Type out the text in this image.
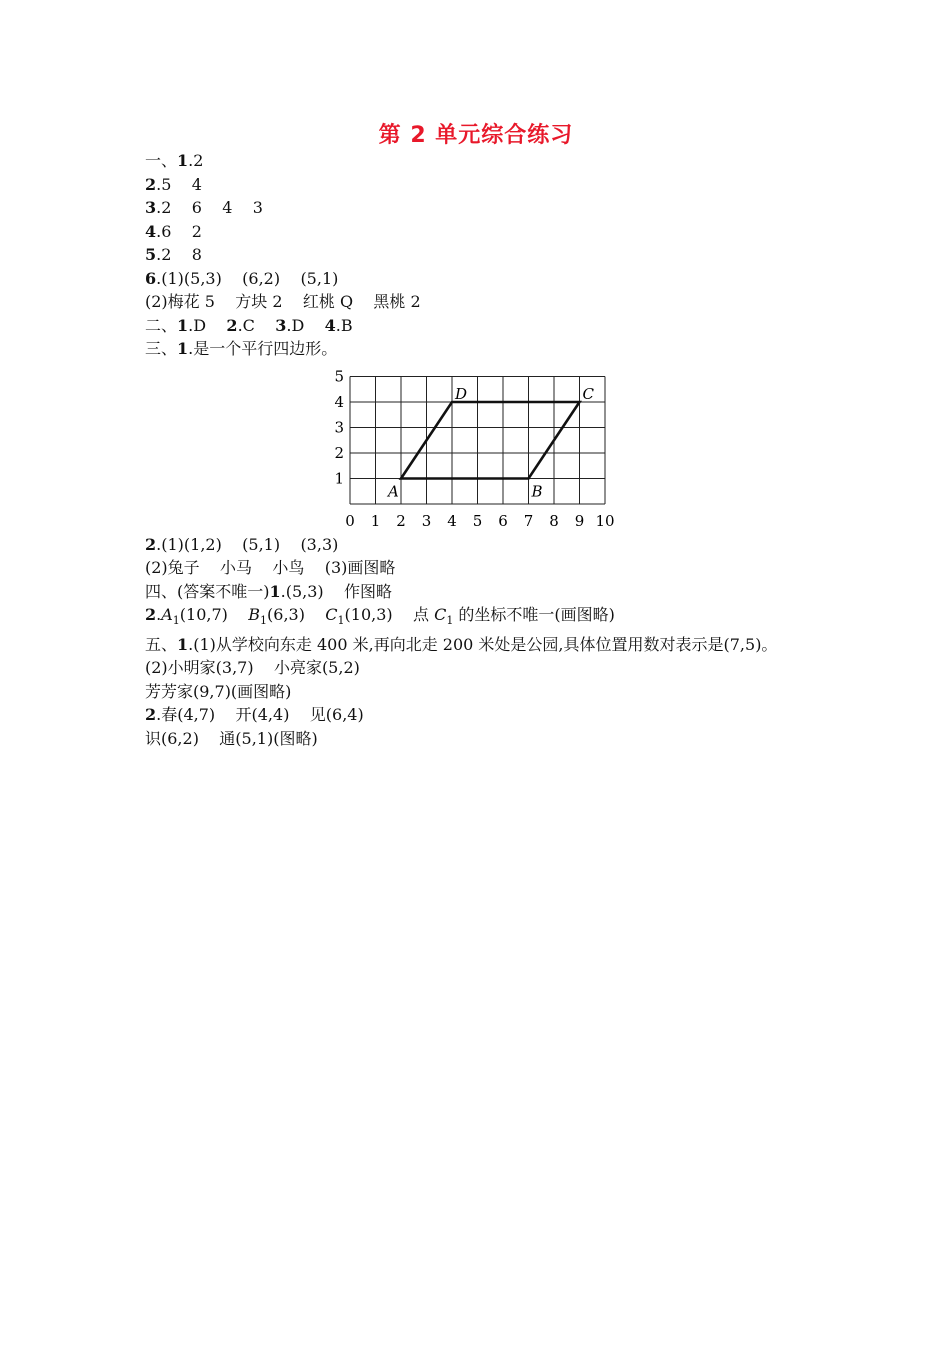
第 2 单元综合练习
一、1.2
2.5    4
3.2    6    4    3
4.6    2
5.2    8
6.(1)(5,3)    (6,2)    (5,1)
(2)梅花 5    方块 2    红桃 Q    黑桃 2
二、1.D 2.C 3.D 4.B
三、1.是一个平行四边形。
0 1 2 3 4 5 6 7 8 9 10
1
2
3
4
5
A	B
C
D
2.(1)(1,2)    (5,1)    (3,3)
(2)兔子    小马    小鸟    (3)画图略
四、(答案不唯一)1.(5,3)    作图略
$2.A_1(10,7)$ $B_1(6,3)$ $C_1(10,3)$ 点 $C_1$ 的坐标不唯一(画图略)
五、1.(1)从学校向东走 400 米,再向北走 200 米处是公园,具体位置用数对表示是(7,5)。
(2)小明家(3,7)    小亮家(5,2)
芳芳家(9,7)(画图略)
2.春(4,7)    开(4,4)    见(6,4)
识(6,2)    通(5,1)(图略)
